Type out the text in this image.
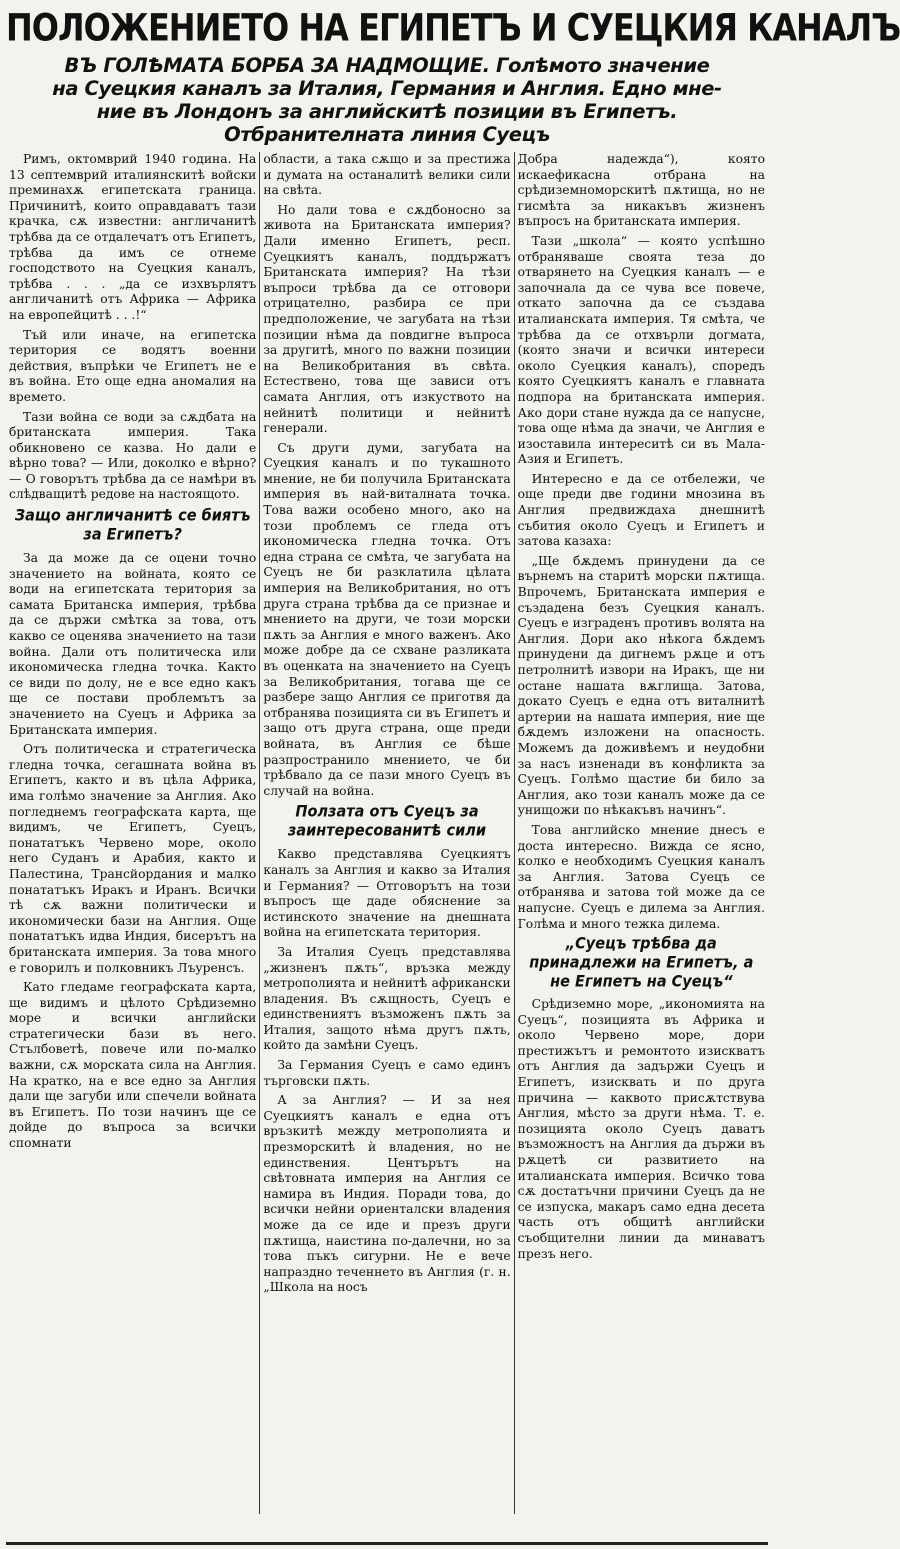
ПОЛОЖЕНИЕТО НА ЕГИПЕТЪ И СУЕЦКИЯ КАНАЛЪ
ВЪ ГОЛѢМАТА БОРБА ЗА НАДМОЩИЕ. Голѣмото значение
на Суецкия каналъ за Италия, Германия и Англия. Едно мне-
ние въ Лондонъ за английскитѣ позиции въ Египетъ.
Отбранителната линия Суецъ

Римъ, октомврий 1940 година. На 13 септемврий италиянскитѣ войски преминахѫ египетската граница. Причинитѣ, които оправдаватъ тази крачка, сѫ известни: англичанитѣ трѣбва да се отдалечатъ отъ Египетъ, трѣбва да имъ се отнеме господството на Суецкия каналъ, трѣбва . . . „да се изхвърлятъ англичанитѣ отъ Африка — Африка на европейцитѣ . . .!“

Тъй или иначе, на египетска територия се водятъ военни действия, въпрѣки че Египетъ не е въ война. Ето още една аномалия на времето.

Тази война се води за сѫдбата на британската империя. Така обикновено се казва. Но дали е вѣрно това? — Или, доколко е вѣрно? — О говорътъ трѣбва да се намѣри въ слѣдващитѣ редове на настоящото.

Защо англичанитѣ се биятъ за Египетъ?

За да може да се оцени точно значението на войната, която се води на египетската територия за самата Британска империя, трѣбва да се държи смѣтка за това, отъ какво се оценява значението на тази война. Дали отъ политическа или икономическа гледна точка. Както се види по долу, не е все едно какъ ще се постави проблемътъ за значението на Суецъ и Африка за Британската империя.

Отъ политическа и стратегическа гледна точка, сегашната война въ Египетъ, както и въ цѣла Африка, има голѣмо значение за Англия. Ако погледнемъ географската карта, ще видимъ, че Египетъ, Суецъ, понататъкъ Червено море, около него Суданъ и Арабия, както и Палестина, Трансйордания и малко понататъкъ Иракъ и Иранъ. Всички тѣ сѫ важни политически и икономически бази на Англия. Още понататъкъ идва Индия, бисерътъ на британската империя. За това много е говорилъ и полковникъ Лъуренсъ.

Като гледаме географската карта, ще видимъ и цѣлото Срѣдиземно море и всички английски стратегически бази въ него. Стълбоветѣ, повече или по-малко важни, сѫ морската сила на Англия. На кратко, на е все едно за Англия дали ще загуби или спечели войната въ Египетъ. По този начинъ ще се дойде до въпроса за всички спомнати

области, а така сѫщо и за престижа и думата на останалитѣ велики сили на свѣта.

Но дали това е сѫдбоносно за живота на Британската империя? Дали именно Египетъ, респ. Суецкиятъ каналъ, поддържатъ Британската империя? На тѣзи въпроси трѣбва да се отговори отрицателно, разбира се при предположение, че загубата на тѣзи позиции нѣма да повдигне въпроса за другитѣ, много по важни позиции на Великобритания въ свѣта. Естествено, това ще зависи отъ самата Англия, отъ изкуството на нейнитѣ политици и нейнитѣ генерали.

Съ други думи, загубата на Суецкия каналъ и по тукашното мнение, не би получила Британската империя въ най-виталната точка. Това важи особено много, ако на този проблемъ се гледа отъ икономическа гледна точка. Отъ една страна се смѣта, че загубата на Суецъ не би разклатила цѣлата империя на Великобритания, но отъ друга страна трѣбва да се признае и мнението на други, че този морски пѫть за Англия е много важенъ. Ако може добре да се схване разликата въ оценката на значението на Суецъ за Великобритания, тогава ще се разбере защо Англия се приготвя да отбранява позицията си въ Египетъ и защо отъ друга страна, още преди войната, въ Англия се бѣше разпространило мнението, че би трѣбвало да се пази много Суецъ въ случай на война.

Ползата отъ Суецъ за заинтересованитѣ сили

Какво представлява Суецкиятъ каналъ за Англия и какво за Италия и Германия? — Отговорътъ на този въпросъ ще даде обяснение за истинското значение на днешната война на египетската територия.

За Италия Суецъ представлява „жизненъ пѫть“, връзка между метрополията и нейнитѣ африкански владения. Въ сѫщность, Суецъ е единствениятъ възможенъ пѫть за Италия, защото нѣма другъ пѫть, който да замѣни Суецъ.

За Германия Суецъ е само единъ търговски пѫть.

А за Англия? — И за нея Суецкиятъ каналъ е една отъ връзкитѣ между метрополията и презморскитѣ ѝ владения, но не единствения. Центърътъ на свѣтовната империя на Англия се намира въ Индия. Поради това, до всички нейни ориенталски владения може да се иде и презъ други пѫтища, наистина по-далечни, но за това пъкъ сигурни. Не е вече напраздно теченнето въ Англия (г. н. „Школа на носъ

Добра надежда“), която искаефикасна отбрана на срѣдиземноморскитѣ пѫтища, но не гисмѣта за никакъвъ жизненъ въпросъ на британската империя.

Тази „школа“ — която успѣшно отбраняваше своята теза до отварянето на Суецкия каналъ — е започнала да се чува все повече, откато започна да се създава италианската империя. Тя смѣта, че трѣбва да се отхвърли догмата, (която значи и всички интереси около Суецкия каналъ), споредъ която Суецкиятъ каналъ е главната подпора на британската империя. Ако дори стане нужда да се напусне, това още нѣма да значи, че Англия е изоставила интереситѣ си въ Мала-Азия и Египетъ.

Интересно е да се отбележи, че още преди две години мнозина въ Англия предвиждаха днешнитѣ събития около Суецъ и Египетъ и затова казаха:

„Ще бѫдемъ принудени да се върнемъ на старитѣ морски пѫтища. Впрочемъ, Британската империя е създадена безъ Суецкия каналъ. Суецъ е изграденъ противъ волята на Англия. Дори ако нѣкога бѫдемъ принудени да дигнемъ рѫце и отъ петролнитѣ извори на Иракъ, ще ни остане нашата вѫглища. Затова, докато Суецъ е една отъ виталнитѣ артерии на нашата империя, ние ще бѫдемъ изложени на опасность. Можемъ да доживѣемъ и неудобни за насъ изненади въ конфликта за Суецъ. Голѣмо щастие би било за Англия, ако този каналъ може да се унищожи по нѣкакъвъ начинъ“.

Това английско мнение днесъ е доста интересно. Вижда се ясно, колко е необходимъ Суецкия каналъ за Англия. Затова Суецъ се отбранява и затова той може да се напусне. Суецъ е дилема за Англия. Голѣма и много тежка дилема.

„Суецъ трѣбва да принадлежи на Египетъ, а не Египетъ на Суецъ“

Срѣдиземно море, „икономията на Суецъ“, позицията въ Африка и около Червено море, дори престижътъ и ремонтото изискватъ отъ Англия да задържи Суецъ и Египетъ, изисквать и по друга причина — каквото присѫтствува Англия, мѣсто за други нѣма. Т. е. позицията около Суецъ даватъ възможностъ на Англия да държи въ рѫцетѣ си развитието на италианската империя. Всичко това сѫ достатъчни причини Суецъ да не се изпуска, макаръ само една десета часть отъ общитѣ английски съобщителни линии да минаватъ презъ него.
